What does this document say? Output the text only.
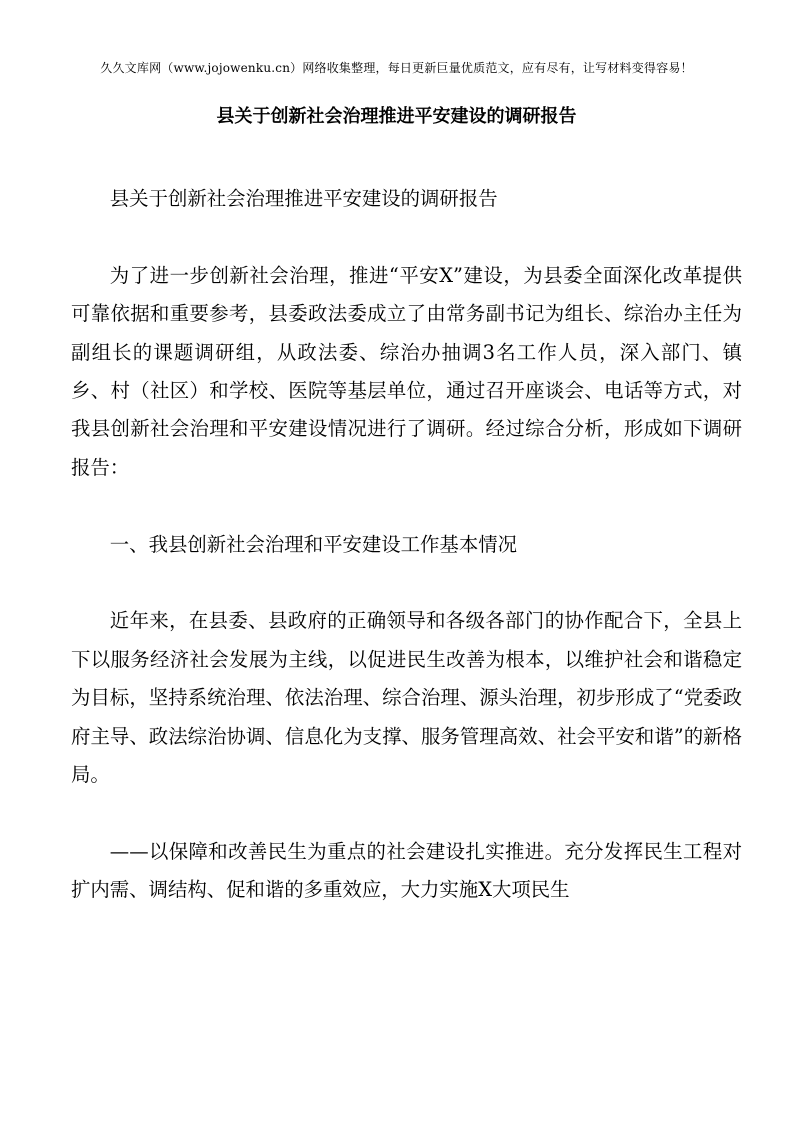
久久文库网（www.jojowenku.cn）网络收集整理，每日更新巨量优质范文，应有尽有，让写材料变得容易！
县关于创新社会治理推进平安建设的调研报告

县关于创新社会治理推进平安建设的调研报告

为了进一步创新社会治理，推进“平安X”建设，为县委全面深化改革提供可靠依据和重要参考，县委政法委成立了由常务副书记为组长、综治办主任为副组长的课题调研组，从政法委、综治办抽调3名工作人员，深入部门、镇乡、村（社区）和学校、医院等基层单位，通过召开座谈会、电话等方式，对我县创新社会治理和平安建设情况进行了调研。经过综合分析，形成如下调研报告：

一、我县创新社会治理和平安建设工作基本情况

近年来，在县委、县政府的正确领导和各级各部门的协作配合下，全县上下以服务经济社会发展为主线，以促进民生改善为根本，以维护社会和谐稳定为目标，坚持系统治理、依法治理、综合治理、源头治理，初步形成了“党委政府主导、政法综治协调、信息化为支撑、服务管理高效、社会平安和谐”的新格局。

——以保障和改善民生为重点的社会建设扎实推进。充分发挥民生工程对扩内需、调结构、促和谐的多重效应，大力实施X大项民生
